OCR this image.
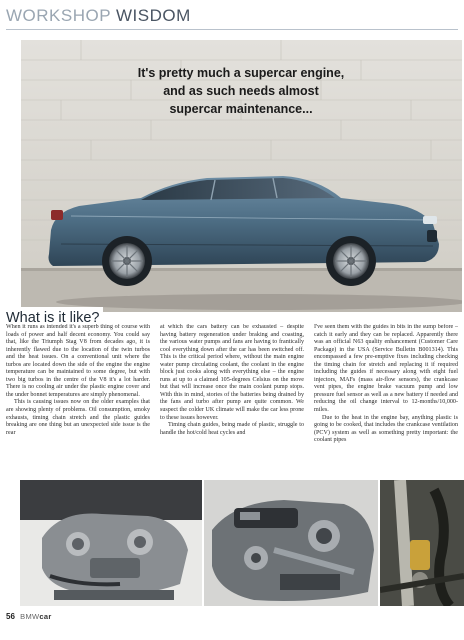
WORKSHOP WISDOM
It's pretty much a supercar engine,
and as such needs almost
supercar maintenance...
What is it like?

When it runs as intended it's a superb thing of course with loads of power and half decent economy. You could say that, like the Triumph Stag V8 from decades ago, it is inherently flawed due to the location of the twin turbos and the heat issues. On a conventional unit where the turbos are located down the side of the engine the engine temperature can be maintained to some degree, but with two big turbos in the centre of the V8 it's a lot harder. There is no cooling air under the plastic engine cover and the under bonnet temperatures are simply phenomenal.

This is causing issues now on the older examples that are showing plenty of problems. Oil consumption, smoky exhausts, timing chain stretch and the plastic guides breaking are one thing but an unexpected side issue is the rear

at which the cars battery can be exhausted – despite having battery regeneration under braking and coasting, the various water pumps and fans are having to frantically cool everything down after the car has been switched off. This is the critical period where, without the main engine water pump circulating coolant, the coolant in the engine block just cooks along with everything else – the engine runs at up to a claimed 105-degrees Celsius on the move but that will increase once the main coolant pump stops. With this in mind, stories of the batteries being drained by the fans and turbo after pump are quite common. We suspect the colder UK climate will make the car less prone to these issues however.

Timing chain guides, being made of plastic, struggle to handle the hot/cold heat cycles and

I've seen them with the guides in bits in the sump before – catch it early and they can be replaced. Apparently there was an official N63 quality enhancement (Customer Care Package) in the USA (Service Bulletin B001314). This encompassed a few pre-emptive fixes including checking the timing chain for stretch and replacing it if required including the guides if necessary along with eight fuel injectors, MAFs (mass air-flow sensors), the crankcase vent pipes, the engine brake vacuum pump and low pressure fuel sensor as well as a new battery if needed and reducing the oil change interval to 12-months/10,000-miles.

Due to the heat in the engine bay, anything plastic is going to be cooked, that includes the crankcase ventilation (PCV) system as well as something pretty important: the coolant pipes

56 BMWcar
